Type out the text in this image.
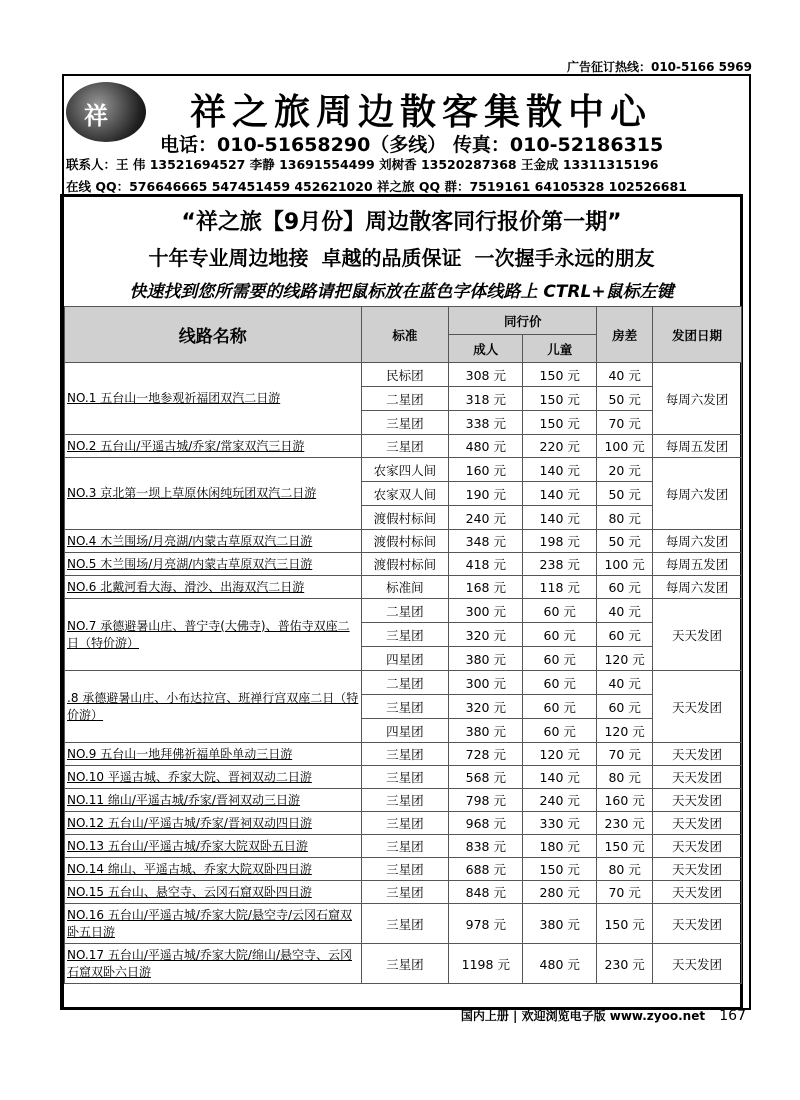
广告征订热线：010-5166 5969
祥 祥之旅周边散客集散中心
电话：010-51658290（多线） 传真：010-52186315
联系人：王 伟 13521694527 李静 13691554499 刘树香 13520287368 王金成 13311315196
在线 QQ：576646665 547451459 452621020 祥之旅 QQ 群：7519161 64105328 102526681
“祥之旅【9月份】周边散客同行报价第一期”
十年专业周边地接 卓越的品质保证 一次握手永远的朋友
快速找到您所需要的线路请把鼠标放在蓝色字体线路上 CTRL+鼠标左键
线路名称	标准	同行价		房差	发团日期
		成人	儿童		
NO.1 五台山一地参观祈福团双汽二日游	民标团	308 元	150 元	40 元	每周六发团
	二星团	318 元	150 元	50 元	
	三星团	338 元	150 元	70 元	
NO.2 五台山/平遥古城/乔家/常家双汽三日游	三星团	480 元	220 元	100 元	每周五发团
NO.3 京北第一坝上草原休闲纯玩团双汽二日游	农家四人间	160 元	140 元	20 元	每周六发团
	农家双人间	190 元	140 元	50 元	
	渡假村标间	240 元	140 元	80 元	
NO.4 木兰围场/月亮湖/内蒙古草原双汽二日游	渡假村标间	348 元	198 元	50 元	每周六发团
NO.5 木兰围场/月亮湖/内蒙古草原双汽三日游	渡假村标间	418 元	238 元	100 元	每周五发团
NO.6 北戴河看大海、滑沙、出海双汽二日游	标准间	168 元	118 元	60 元	每周六发团
NO.7 承德避暑山庄、普宁寺(大佛寺)、普佑寺双座二日（特价游）	二星团	300 元	60 元	40 元	天天发团
	三星团	320 元	60 元	60 元	
	四星团	380 元	60 元	120 元	
.8 承德避暑山庄、小布达拉宫、班禅行宫双座二日（特价游）	二星团	300 元	60 元	40 元	天天发团
	三星团	320 元	60 元	60 元	
	四星团	380 元	60 元	120 元	
NO.9 五台山一地拜佛祈福单卧单动三日游	三星团	728 元	120 元	70 元	天天发团
NO.10 平遥古城、乔家大院、晋祠双动二日游	三星团	568 元	140 元	80 元	天天发团
NO.11 绵山/平遥古城/乔家/晋祠双动三日游	三星团	798 元	240 元	160 元	天天发团
NO.12 五台山/平遥古城/乔家/晋祠双动四日游	三星团	968 元	330 元	230 元	天天发团
NO.13 五台山/平遥古城/乔家大院双卧五日游	三星团	838 元	180 元	150 元	天天发团
NO.14 绵山、平遥古城、乔家大院双卧四日游	三星团	688 元	150 元	80 元	天天发团
NO.15 五台山、悬空寺、云冈石窟双卧四日游	三星团	848 元	280 元	70 元	天天发团
NO.16 五台山/平遥古城/乔家大院/悬空寺/云冈石窟双卧五日游	三星团	978 元	380 元	150 元	天天发团
NO.17 五台山/平遥古城/乔家大院/绵山/悬空寺、云冈石窟双卧六日游	三星团	1198 元	480 元	230 元	天天发团
国内上册 | 欢迎浏览电子版 www.zyoo.net 167
